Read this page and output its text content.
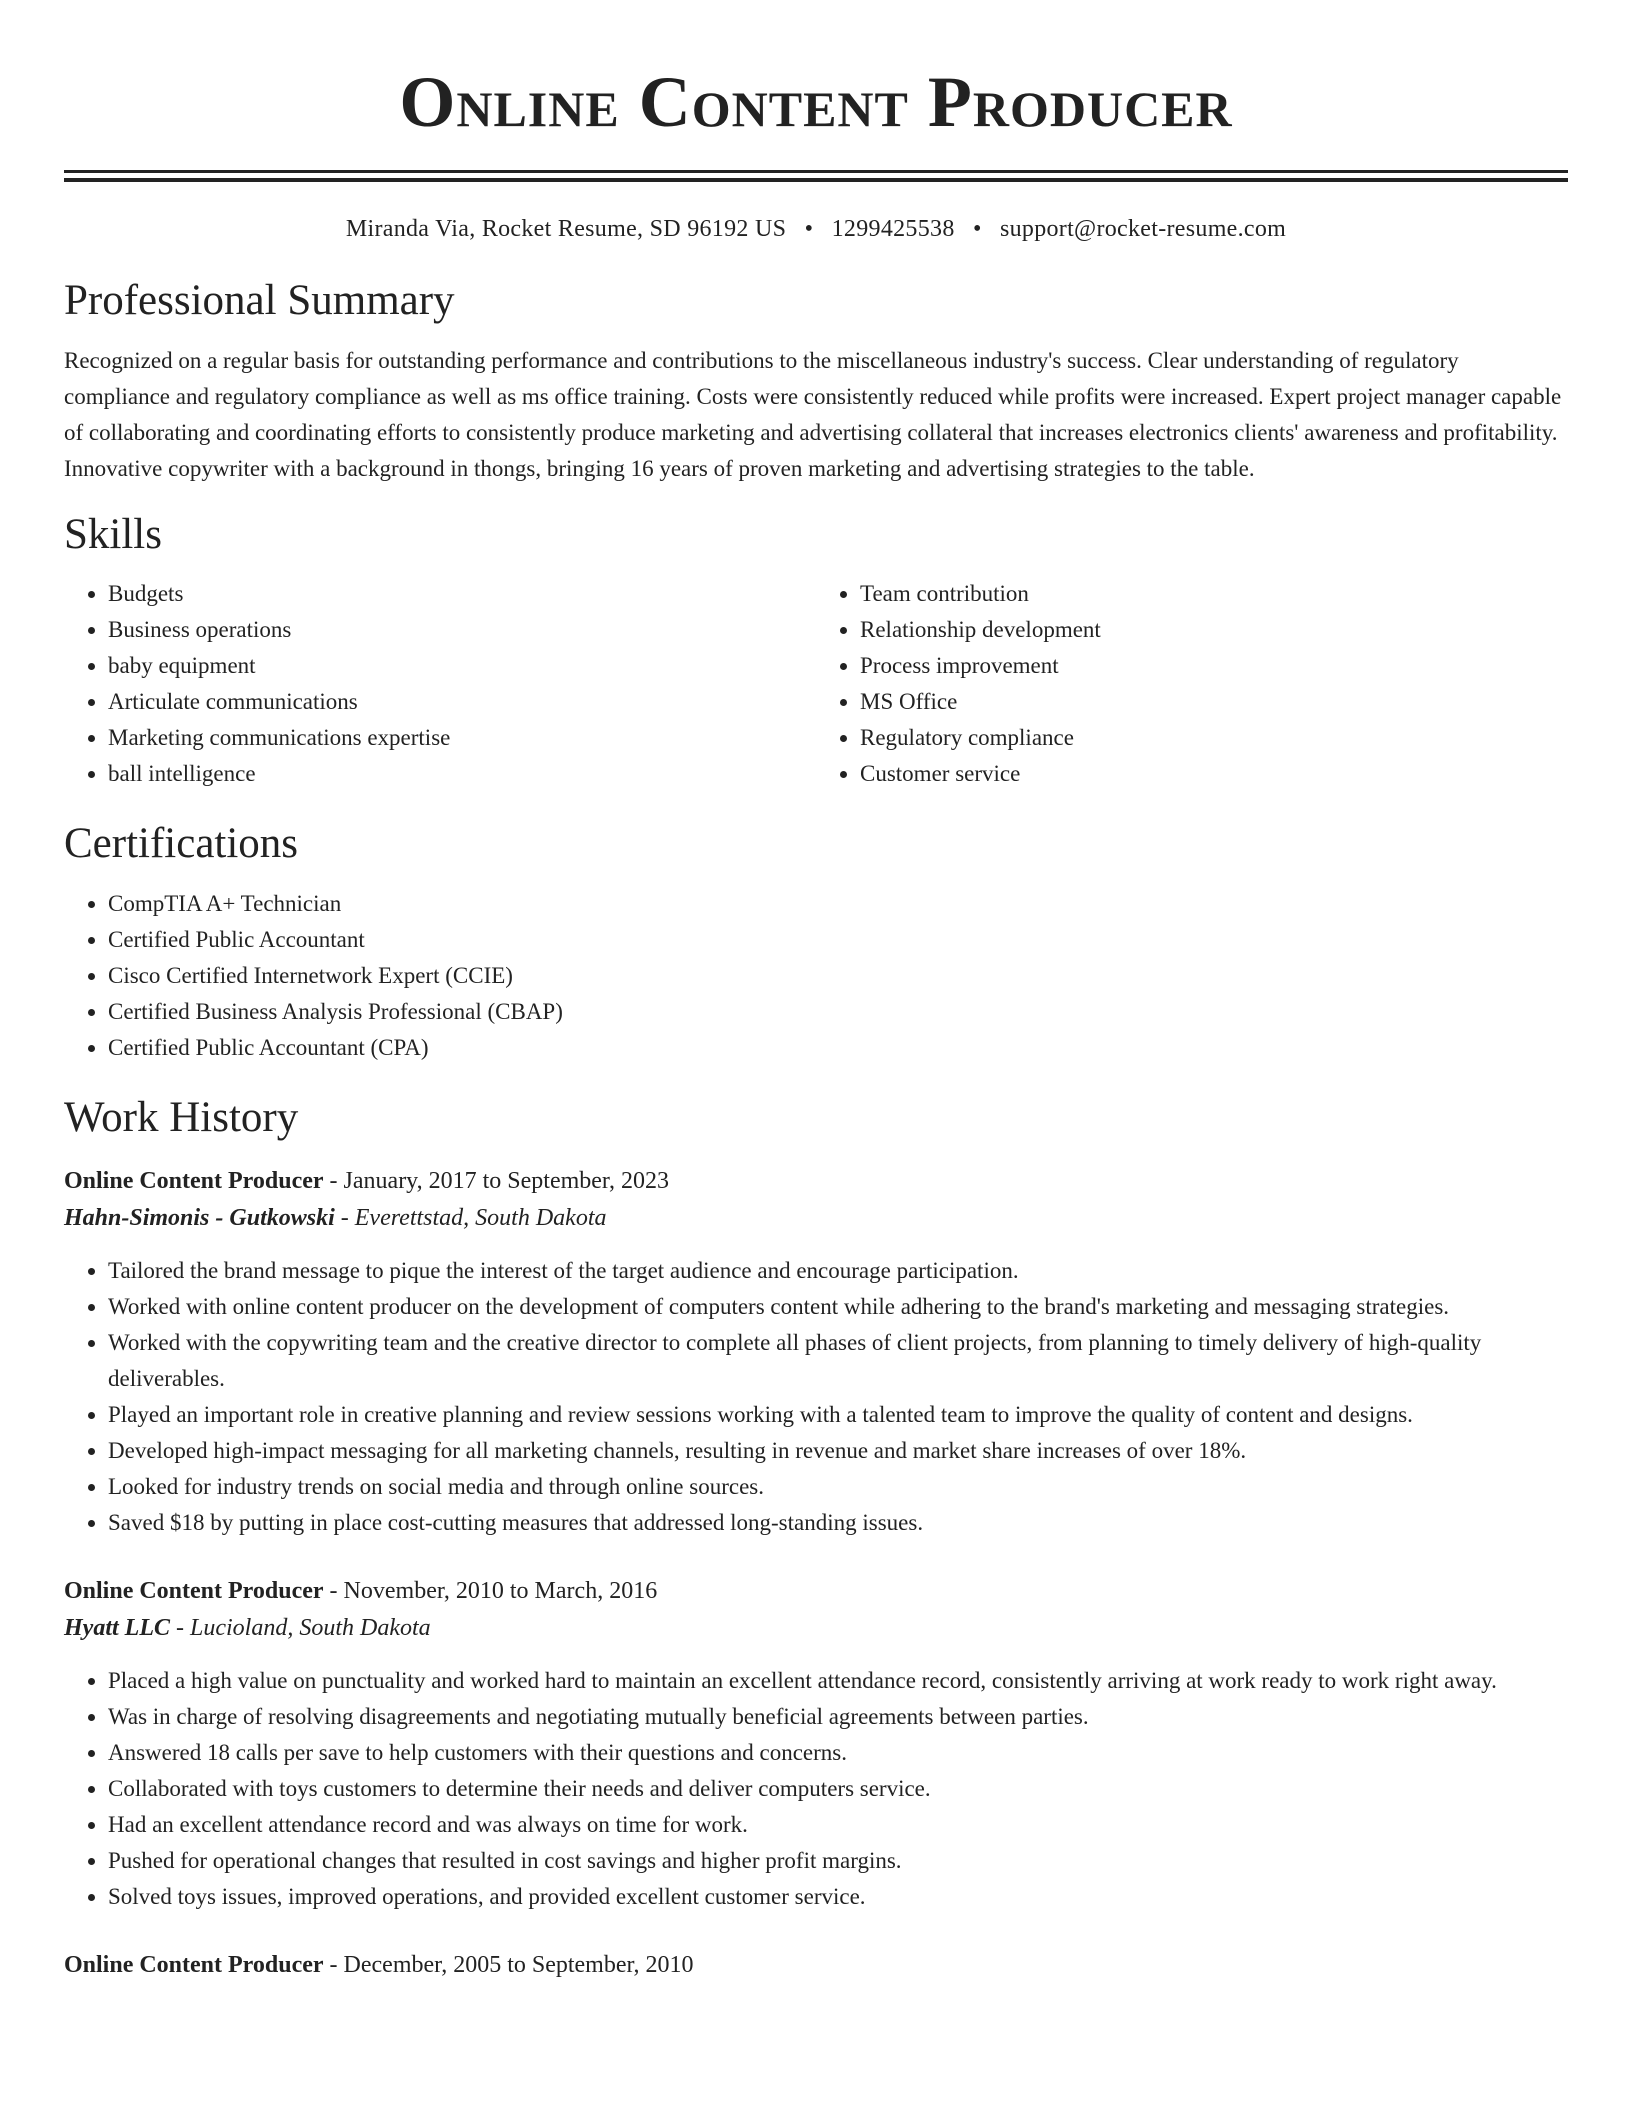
Online Content Producer
Miranda Via, Rocket Resume, SD 96192 US • 1299425538 • support@rocket-resume.com
Professional Summary

Recognized on a regular basis for outstanding performance and contributions to the miscellaneous industry's success. Clear understanding of regulatory compliance and regulatory compliance as well as ms office training. Costs were consistently reduced while profits were increased. Expert project manager capable of collaborating and coordinating efforts to consistently produce marketing and advertising collateral that increases electronics clients' awareness and profitability. Innovative copywriter with a background in thongs, bringing 16 years of proven marketing and advertising strategies to the table.

Skills
• Budgets
• Business operations
• baby equipment
• Articulate communications
• Marketing communications expertise
• ball intelligence
• Team contribution
• Relationship development
• Process improvement
• MS Office
• Regulatory compliance
• Customer service
Certifications
• CompTIA A+ Technician
• Certified Public Accountant
• Cisco Certified Internetwork Expert (CCIE)
• Certified Business Analysis Professional (CBAP)
• Certified Public Accountant (CPA)
Work History
Online Content Producer - January, 2017 to September, 2023
Hahn-Simonis - Gutkowski - Everettstad, South Dakota
• Tailored the brand message to pique the interest of the target audience and encourage participation.
• Worked with online content producer on the development of computers content while adhering to the brand's marketing and messaging strategies.
• Worked with the copywriting team and the creative director to complete all phases of client projects, from planning to timely delivery of high-quality deliverables.
• Played an important role in creative planning and review sessions working with a talented team to improve the quality of content and designs.
• Developed high-impact messaging for all marketing channels, resulting in revenue and market share increases of over 18%.
• Looked for industry trends on social media and through online sources.
• Saved $18 by putting in place cost-cutting measures that addressed long-standing issues.
Online Content Producer - November, 2010 to March, 2016
Hyatt LLC - Lucioland, South Dakota
• Placed a high value on punctuality and worked hard to maintain an excellent attendance record, consistently arriving at work ready to work right away.
• Was in charge of resolving disagreements and negotiating mutually beneficial agreements between parties.
• Answered 18 calls per save to help customers with their questions and concerns.
• Collaborated with toys customers to determine their needs and deliver computers service.
• Had an excellent attendance record and was always on time for work.
• Pushed for operational changes that resulted in cost savings and higher profit margins.
• Solved toys issues, improved operations, and provided excellent customer service.
Online Content Producer - December, 2005 to September, 2010
